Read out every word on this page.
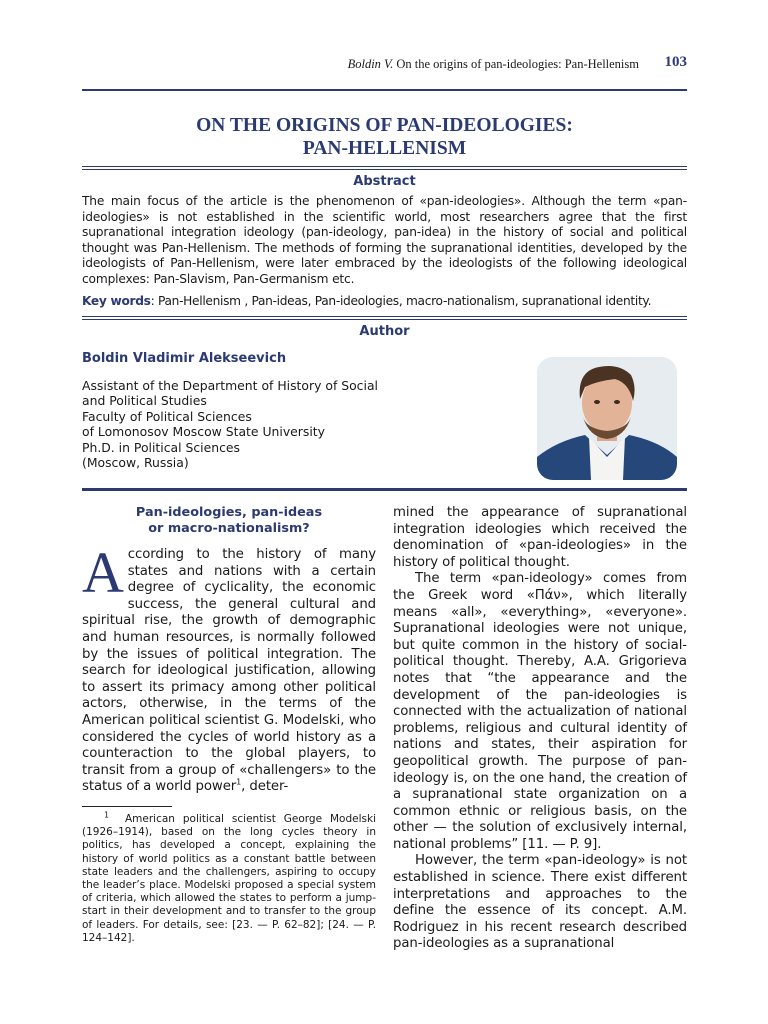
Boldin V. On the origins of pan-ideologies: Pan-Hellenism 103
ON THE ORIGINS OF PAN-IDEOLOGIES:
PAN-HELLENISM
Abstract
The main focus of the article is the phenomenon of «pan-ideologies». Although the term «pan-ideologies» is not established in the scientific world, most researchers agree that the first supranational integration ideology (pan-ideology, pan-idea) in the history of social and political thought was Pan-Hellenism. The methods of forming the supranational identities, developed by the ideologists of Pan-Hellenism, were later embraced by the ideologists of the following ideological complexes: Pan-Slavism, Pan-Germanism etc.
Key words: Pan-Hellenism , Pan-ideas, Pan-ideologies, macro-nationalism, supranational identity.
Author
Boldin Vladimir Alekseevich
Assistant of the Department of History of Social
and Political Studies
Faculty of Political Sciences
of Lomonosov Moscow State University
Ph.D. in Political Sciences
(Moscow, Russia)
Pan-ideologies, pan-ideas
or macro-nationalism?

According to the history of many states and nations with a certain degree of cyclicality, the economic success, the general cultural and spiritual rise, the growth of demographic and human resources, is normally followed by the issues of political integration. The search for ideological justification, allowing to assert its primacy among other political actors, otherwise, in the terms of the American political scientist G. Modelski, who considered the cycles of world history as a counteraction to the global players, to transit from a group of «challengers» to the status of a world power$^1$, deter-

$^1$ American political scientist George Modelski (1926–1914), based on the long cycles theory in politics, has developed a concept, explaining the history of world politics as a constant battle between state leaders and the challengers, aspiring to occupy the leader’s place. Modelski proposed a special system of criteria, which allowed the states to perform a jump-start in their development and to transfer to the group of leaders. For details, see: [23. — P. 62–82]; [24. — P. 124–142].

mined the appearance of supranational integration ideologies which received the denomination of «pan-ideologies» in the history of political thought.

The term «pan-ideology» comes from the Greek word «Πάν», which literally means «all», «everything», «everyone». Supranational ideologies were not unique, but quite common in the history of social-political thought. Thereby, A.A. Grigorieva notes that “the appearance and the development of the pan-ideologies is connected with the actualization of national problems, religious and cultural identity of nations and states, their aspiration for geopolitical growth. The purpose of pan-ideology is, on the one hand, the creation of a supranational state organization on a common ethnic or religious basis, on the other — the solution of exclusively internal, national problems” [11. — P. 9].

However, the term «pan-ideology» is not established in science. There exist different interpretations and approaches to the define the essence of its concept. A.M. Rodriguez in his recent research described pan-ideologies as a supranational
